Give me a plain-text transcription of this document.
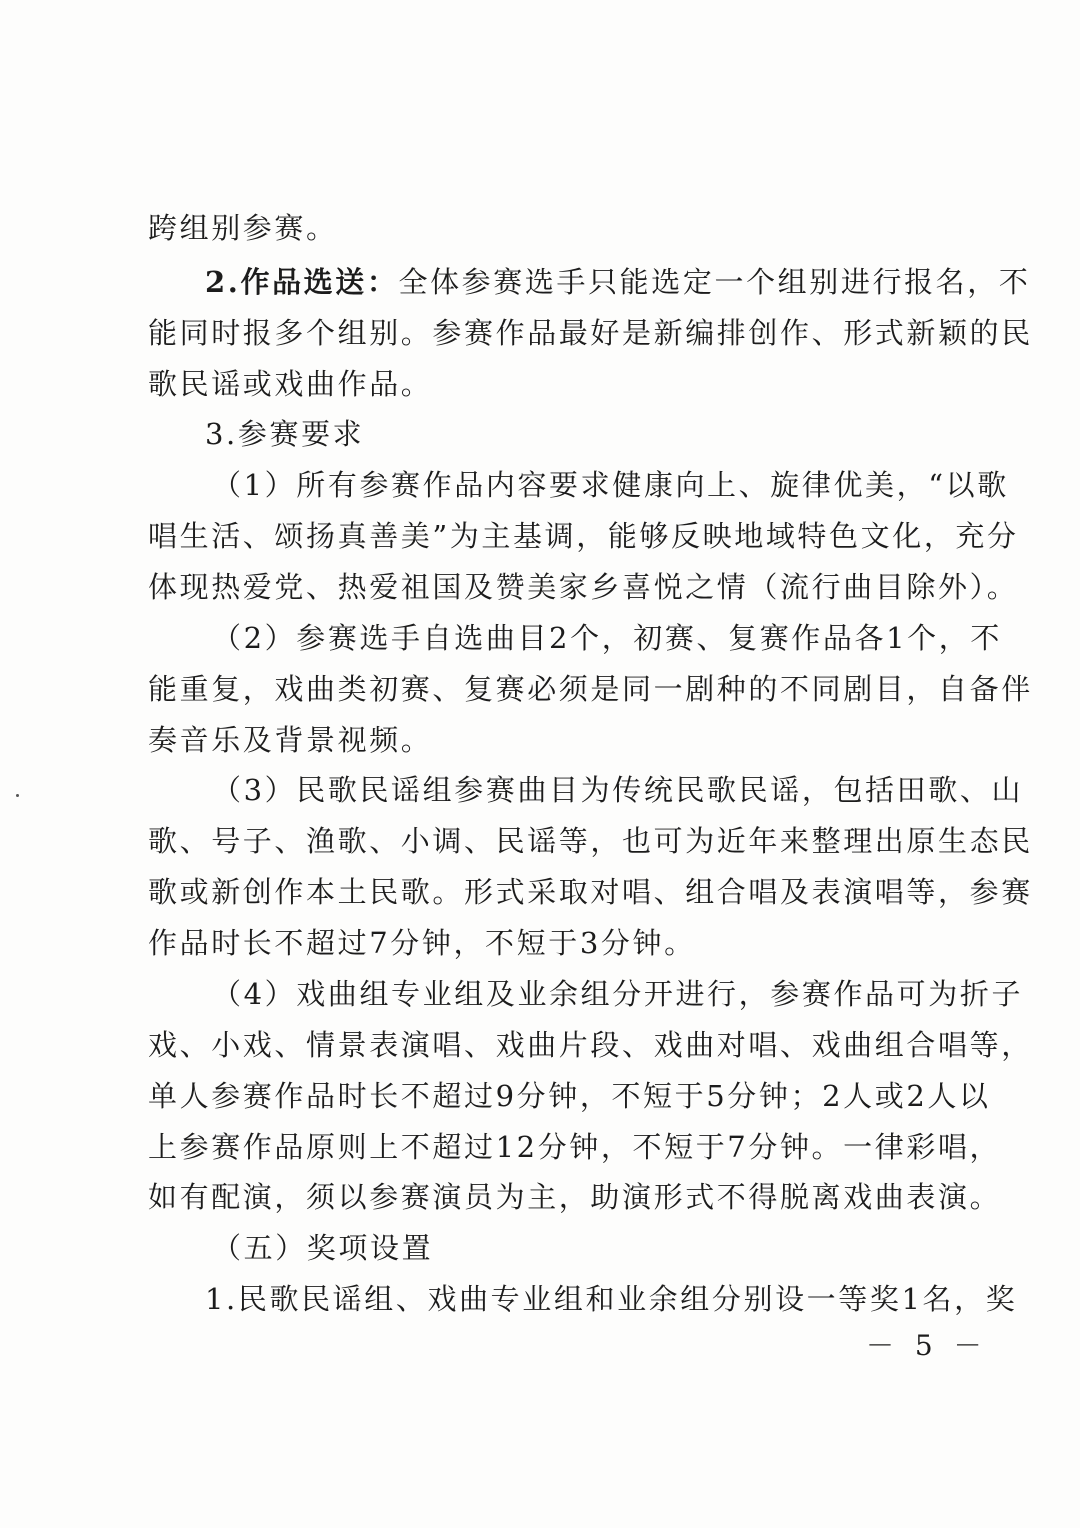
跨组别参赛。
2.作品选送：全体参赛选手只能选定一个组别进行报名，不
能同时报多个组别。参赛作品最好是新编排创作、形式新颖的民
歌民谣或戏曲作品。
3.参赛要求
（1）所有参赛作品内容要求健康向上、旋律优美，“以歌
唱生活、颂扬真善美”为主基调，能够反映地域特色文化，充分
体现热爱党、热爱祖国及赞美家乡喜悦之情（流行曲目除外）。
（2）参赛选手自选曲目2个，初赛、复赛作品各1个，不
能重复，戏曲类初赛、复赛必须是同一剧种的不同剧目，自备伴
奏音乐及背景视频。
（3）民歌民谣组参赛曲目为传统民歌民谣，包括田歌、山
歌、号子、渔歌、小调、民谣等，也可为近年来整理出原生态民
歌或新创作本土民歌。形式采取对唱、组合唱及表演唱等，参赛
作品时长不超过7分钟，不短于3分钟。
（4）戏曲组专业组及业余组分开进行，参赛作品可为折子
戏、小戏、情景表演唱、戏曲片段、戏曲对唱、戏曲组合唱等，
单人参赛作品时长不超过9分钟，不短于5分钟；2人或2人以
上参赛作品原则上不超过12分钟，不短于7分钟。一律彩唱，
如有配演，须以参赛演员为主，助演形式不得脱离戏曲表演。
（五）奖项设置
1.民歌民谣组、戏曲专业组和业余组分别设一等奖1名，奖
－ 5 －
